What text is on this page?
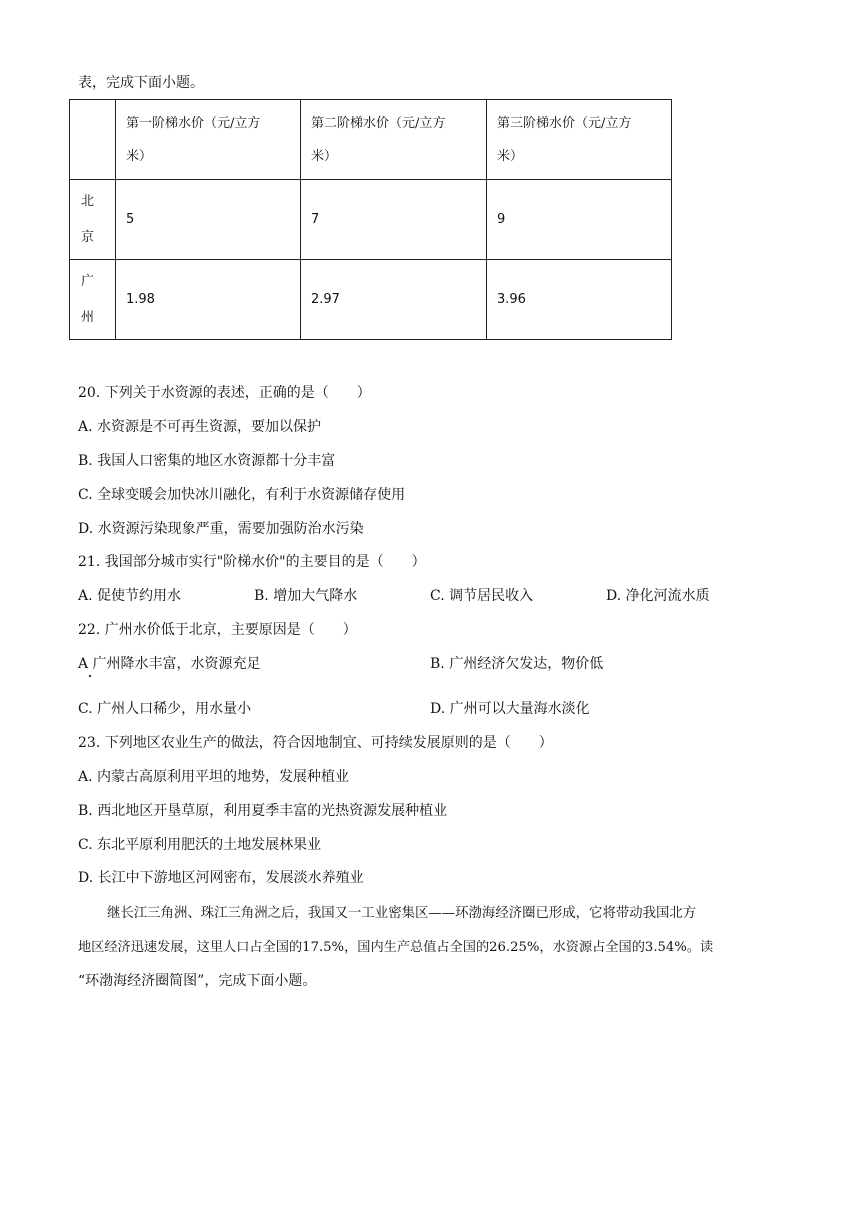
表，完成下面小题。

	第一阶梯水价（元/立方
米）	第二阶梯水价（元/立方
米）	第三阶梯水价（元/立方
米）
北
京	5	7	9
广
州	1.98	2.97	3.96

20. 下列关于水资源的表述，正确的是（　　）

A. 水资源是不可再生资源，要加以保护

B. 我国人口密集的地区水资源都十分丰富

C. 全球变暖会加快冰川融化，有利于水资源储存使用

D. 水资源污染现象严重，需要加强防治水污染

21. 我国部分城市实行"阶梯水价"的主要目的是（　　）

A. 促使节约用水	B. 增加大气降水	C. 调节居民收入	D. 净化河流水质

22. 广州水价低于北京，主要原因是（　　）

A 广州降水丰富，水资源充足	B. 广州经济欠发达，物价低

C. 广州人口稀少，用水量小	D. 广州可以大量海水淡化

23. 下列地区农业生产的做法，符合因地制宜、可持续发展原则的是（　　）

A. 内蒙古高原利用平坦的地势，发展种植业

B. 西北地区开垦草原，利用夏季丰富的光热资源发展种植业

C. 东北平原利用肥沃的土地发展林果业

D. 长江中下游地区河网密布，发展淡水养殖业

继长江三角洲、珠江三角洲之后，我国又一工业密集区——环渤海经济圈已形成，它将带动我国北方

地区经济迅速发展，这里人口占全国的17.5%，国内生产总值占全国的26.25%，水资源占全国的3.54%。读

“环渤海经济圈简图”，完成下面小题。
